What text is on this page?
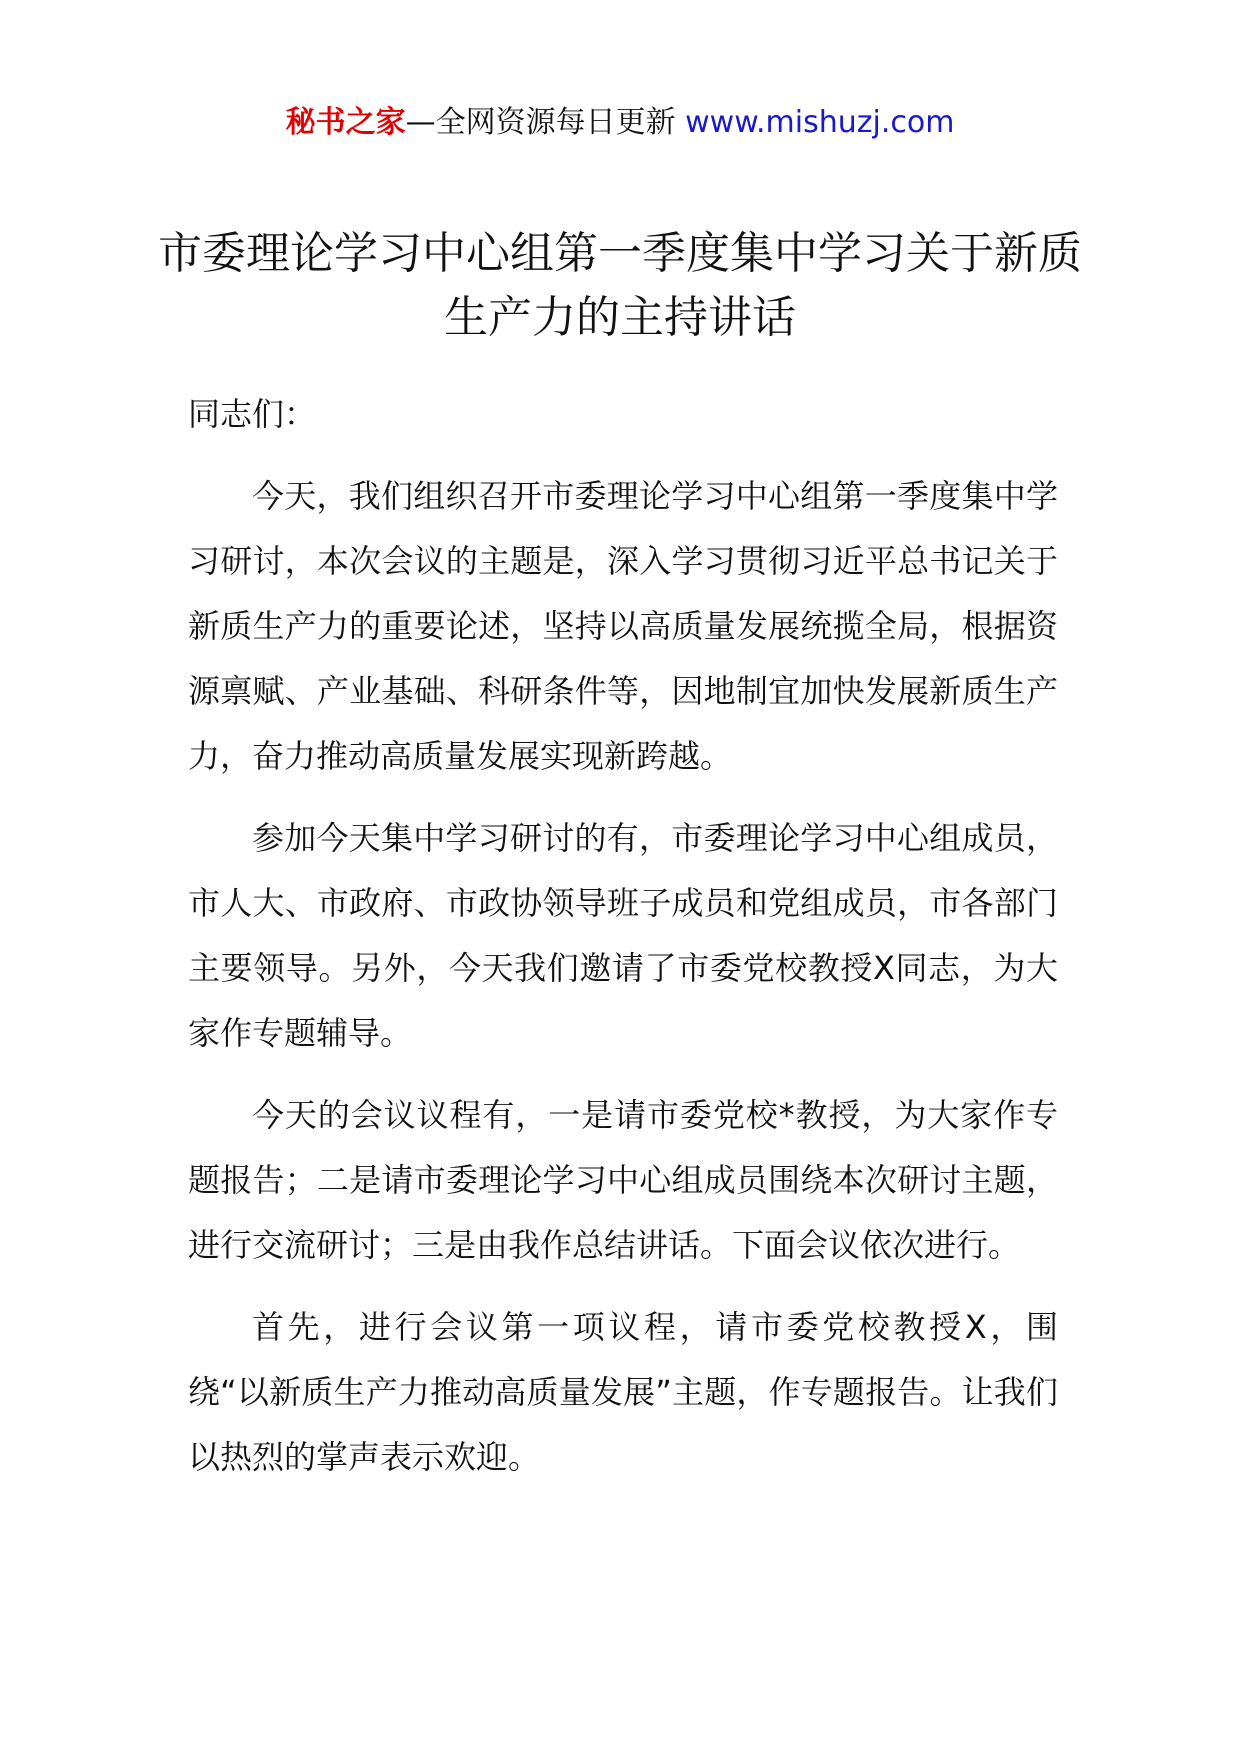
秘书之家—全网资源每日更新 www.mishuzj.com
市委理论学习中心组第一季度集中学习关于新质生产力的主持讲话

同志们：

今天，我们组织召开市委理论学习中心组第一季度集中学习研讨，本次会议的主题是，深入学习贯彻习近平总书记关于新质生产力的重要论述，坚持以高质量发展统揽全局，根据资源禀赋、产业基础、科研条件等，因地制宜加快发展新质生产力，奋力推动高质量发展实现新跨越。

参加今天集中学习研讨的有，市委理论学习中心组成员，市人大、市政府、市政协领导班子成员和党组成员，市各部门主要领导。另外，今天我们邀请了市委党校教授X同志，为大家作专题辅导。

今天的会议议程有，一是请市委党校*教授，为大家作专题报告；二是请市委理论学习中心组成员围绕本次研讨主题，进行交流研讨；三是由我作总结讲话。下面会议依次进行。

首先，进行会议第一项议程，请市委党校教授X，围绕“以新质生产力推动高质量发展”主题，作专题报告。让我们以热烈的掌声表示欢迎。
